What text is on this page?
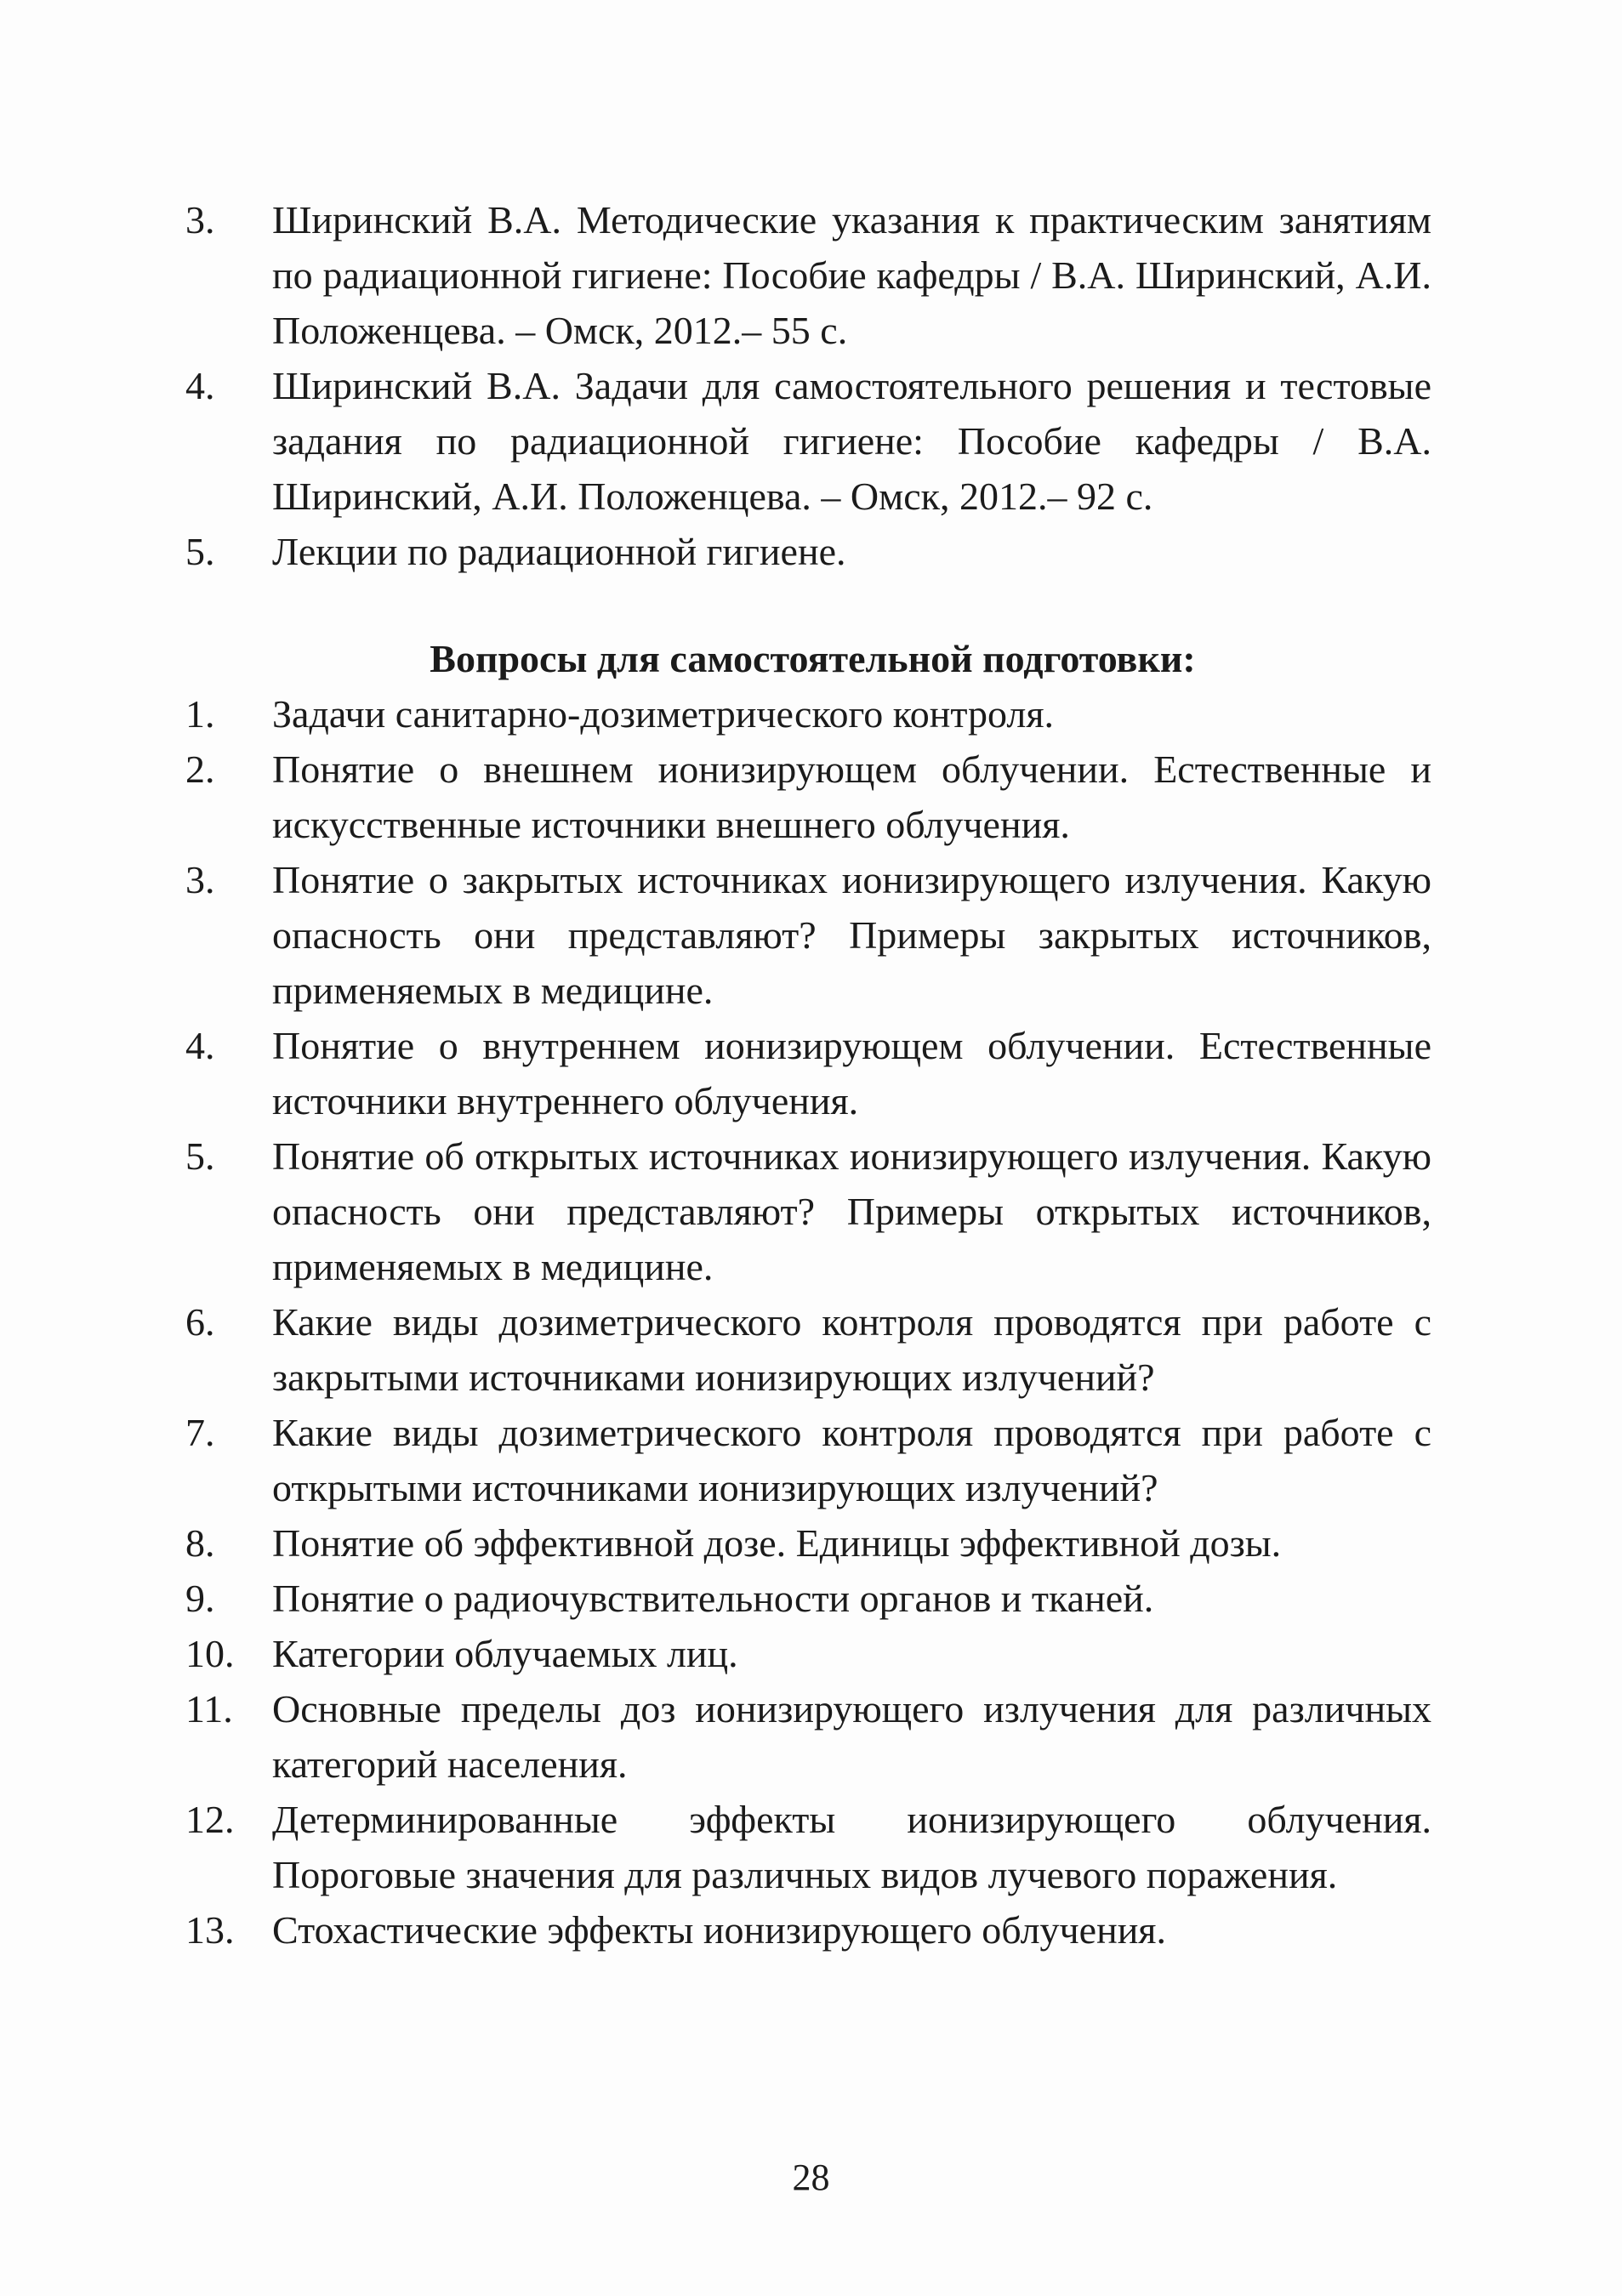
3. Ширинский В.А. Методические указания к практическим занятиям по радиационной гигиене: Пособие кафедры / В.А. Ширинский, А.И. Положенцева. – Омск, 2012.– 55 с.
4. Ширинский В.А. Задачи для самостоятельного решения и тестовые задания по радиационной гигиене: Пособие кафедры / В.А. Ширинский, А.И. Положенцева. – Омск, 2012.– 92 с.
5. Лекции по радиационной гигиене.
Вопросы для самостоятельной подготовки:
1. Задачи санитарно-дозиметрического контроля.
2. Понятие о внешнем ионизирующем облучении. Естественные и искусственные источники внешнего облучения.
3. Понятие о закрытых источниках ионизирующего излучения. Какую опасность они представляют? Примеры закрытых источников, применяемых в медицине.
4. Понятие о внутреннем ионизирующем облучении. Естественные источники внутреннего облучения.
5. Понятие об открытых источниках ионизирующего излучения. Какую опасность они представляют? Примеры открытых источников, применяемых в медицине.
6. Какие виды дозиметрического контроля проводятся при работе с закрытыми источниками ионизирующих излучений?
7. Какие виды дозиметрического контроля проводятся при работе с открытыми источниками ионизирующих излучений?
8. Понятие об эффективной дозе. Единицы эффективной дозы.
9. Понятие о радиочувствительности органов и тканей.
10. Категории облучаемых лиц.
11. Основные пределы доз ионизирующего излучения для различных категорий населения.
12. Детерминированные эффекты ионизирующего облучения. Пороговые значения для различных видов лучевого поражения.
13. Стохастические эффекты ионизирующего облучения.
28
